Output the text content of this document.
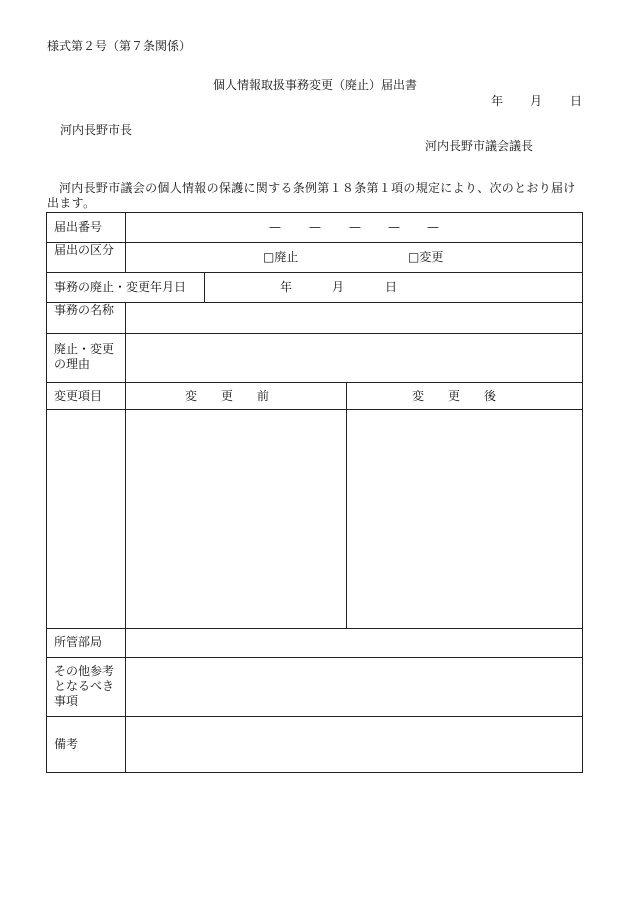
様式第２号（第７条関係）
個人情報取扱事務変更（廃止）届出書
年 月 日
河内長野市長
河内長野市議会議長
河内長野市議会の個人情報の保護に関する条例第１８条第１項の規定により、次のとおり届け出ます。
届出番号	— — — — —
届出の区分	□廃止	□変更
事務の廃止・変更年月日	年	月	日
事務の名称
廃止・変更の理由
変更項目	変　　更　　前	変　　更　　後
所管部局
その他参考となるべき事項
備考
